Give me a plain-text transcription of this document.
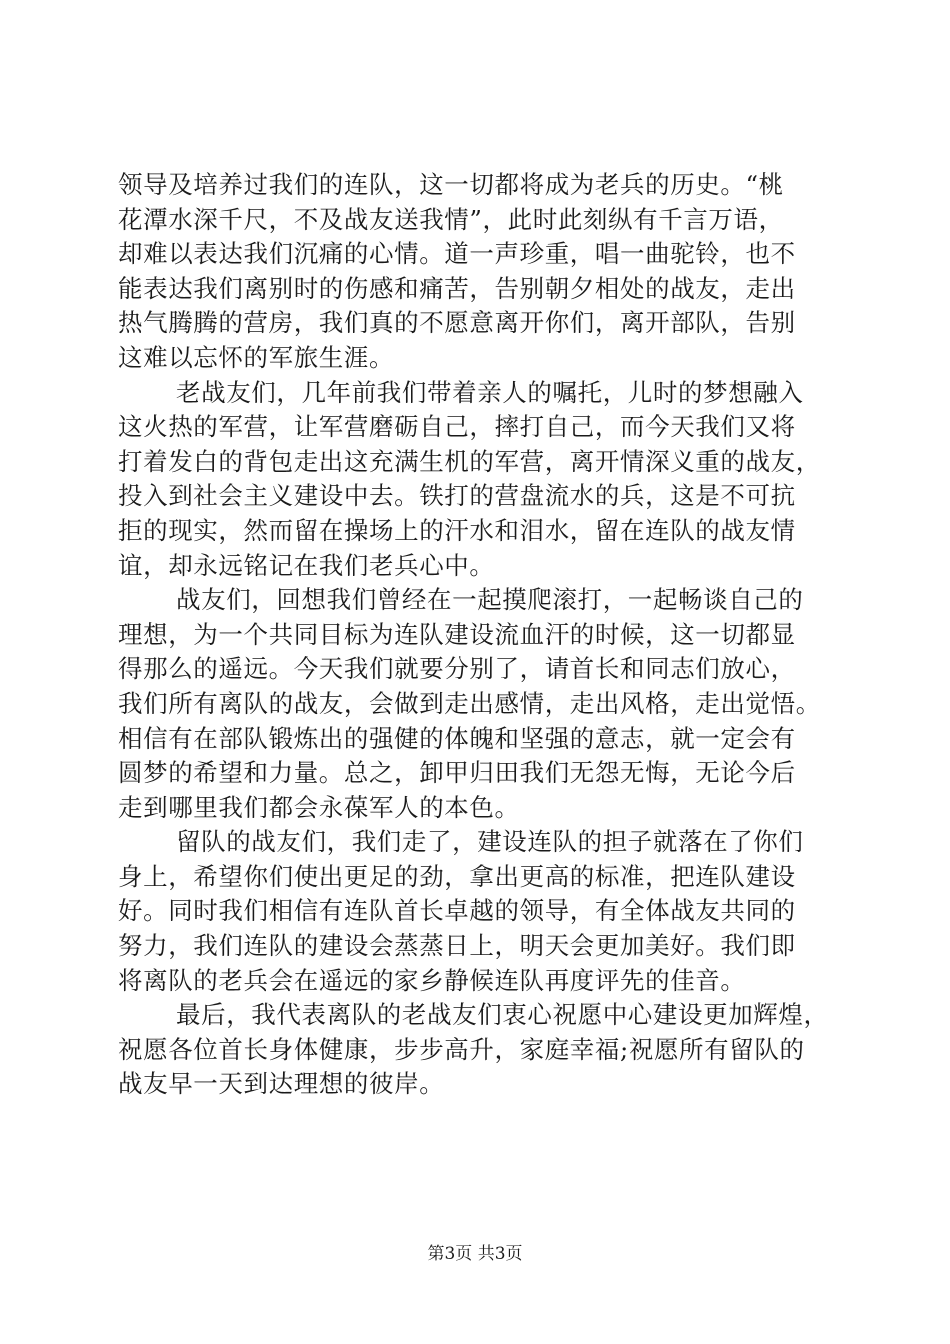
领导及培养过我们的连队，这一切都将成为老兵的历史。“桃
花潭水深千尺，不及战友送我情”，此时此刻纵有千言万语，
却难以表达我们沉痛的心情。道一声珍重，唱一曲驼铃，也不
能表达我们离别时的伤感和痛苦，告别朝夕相处的战友，走出
热气腾腾的营房，我们真的不愿意离开你们，离开部队，告别
这难以忘怀的军旅生涯。
老战友们，几年前我们带着亲人的嘱托，儿时的梦想融入
这火热的军营，让军营磨砺自己，摔打自己，而今天我们又将
打着发白的背包走出这充满生机的军营，离开情深义重的战友，
投入到社会主义建设中去。铁打的营盘流水的兵，这是不可抗
拒的现实，然而留在操场上的汗水和泪水，留在连队的战友情
谊，却永远铭记在我们老兵心中。
战友们，回想我们曾经在一起摸爬滚打，一起畅谈自己的
理想，为一个共同目标为连队建设流血汗的时候，这一切都显
得那么的遥远。今天我们就要分别了，请首长和同志们放心，
我们所有离队的战友，会做到走出感情，走出风格，走出觉悟。
相信有在部队锻炼出的强健的体魄和坚强的意志，就一定会有
圆梦的希望和力量。总之，卸甲归田我们无怨无悔，无论今后
走到哪里我们都会永葆军人的本色。
留队的战友们，我们走了，建设连队的担子就落在了你们
身上，希望你们使出更足的劲，拿出更高的标准，把连队建设
好。同时我们相信有连队首长卓越的领导，有全体战友共同的
努力，我们连队的建设会蒸蒸日上，明天会更加美好。我们即
将离队的老兵会在遥远的家乡静候连队再度评先的佳音。
最后，我代表离队的老战友们衷心祝愿中心建设更加辉煌，
祝愿各位首长身体健康，步步高升，家庭幸福;祝愿所有留队的
战友早一天到达理想的彼岸。
第3页 共3页
